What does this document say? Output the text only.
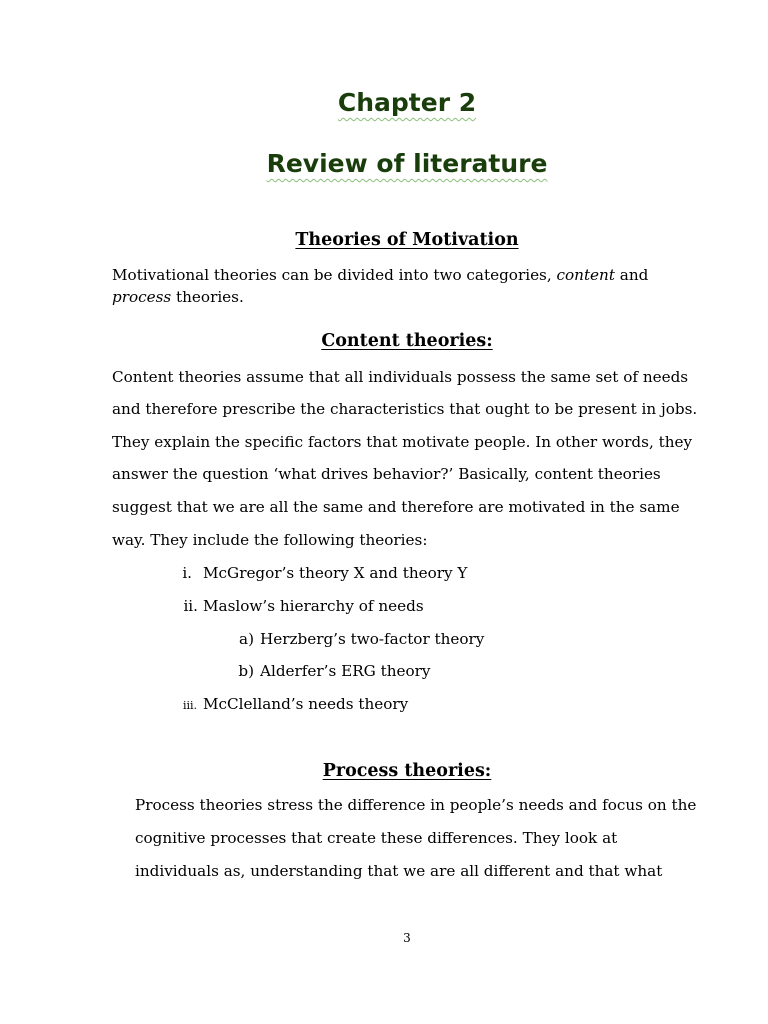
Chapter 2
Review of literature
Theories of Motivation

Motivational theories can be divided into two categories, content and
process theories.

Content theories:

Content theories assume that all individuals possess the same set of needs

and therefore prescribe the characteristics that ought to be present in jobs.

They explain the specific factors that motivate people. In other words, they

answer the question ‘what drives behavior?’ Basically, content theories

suggest that we are all the same and therefore are motivated in the same

way. They include the following theories:

i. McGregor’s theory X and theory Y
ii. Maslow’s hierarchy of needs
a) Herzberg’s two-factor theory
b) Alderfer’s ERG theory
iii. McClelland’s needs theory
Process theories:

Process theories stress the difference in people’s needs and focus on the

cognitive processes that create these differences. They look at

individuals as, understanding that we are all different and that what

3
